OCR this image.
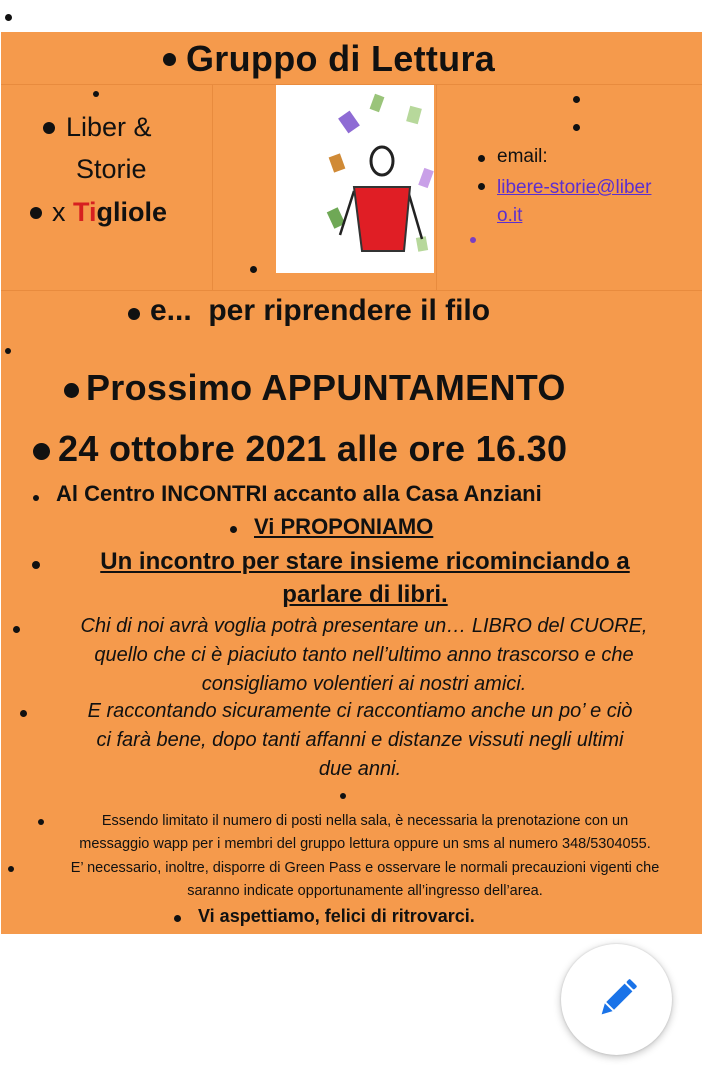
Gruppo di Lettura
Liber &
Storie
x Tigliole
email:
libere-storie@liber
o.it
e...  per riprendere il filo
Prossimo APPUNTAMENTO
24 ottobre 2021 alle ore 16.30
Al Centro INCONTRI accanto alla Casa Anziani
Vi PROPONIAMO
Un incontro per stare insieme ricominciando a
parlare di libri.
Chi di noi avrà voglia potrà presentare un… LIBRO del CUORE,
quello che ci è piaciuto tanto nell’ultimo anno trascorso e che
consigliamo volentieri ai nostri amici.
E raccontando sicuramente ci raccontiamo anche un po’ e ciò
ci farà bene, dopo tanti affanni e distanze vissuti negli ultimi
due anni.
Essendo limitato il numero di posti nella sala, è necessaria la prenotazione con un
messaggio wapp per i membri del gruppo lettura oppure un sms al numero 348/5304055.
E’ necessario, inoltre, disporre di Green Pass e osservare le normali precauzioni vigenti che
saranno indicate opportunamente all’ingresso dell’area.
Vi aspettiamo, felici di ritrovarci.
